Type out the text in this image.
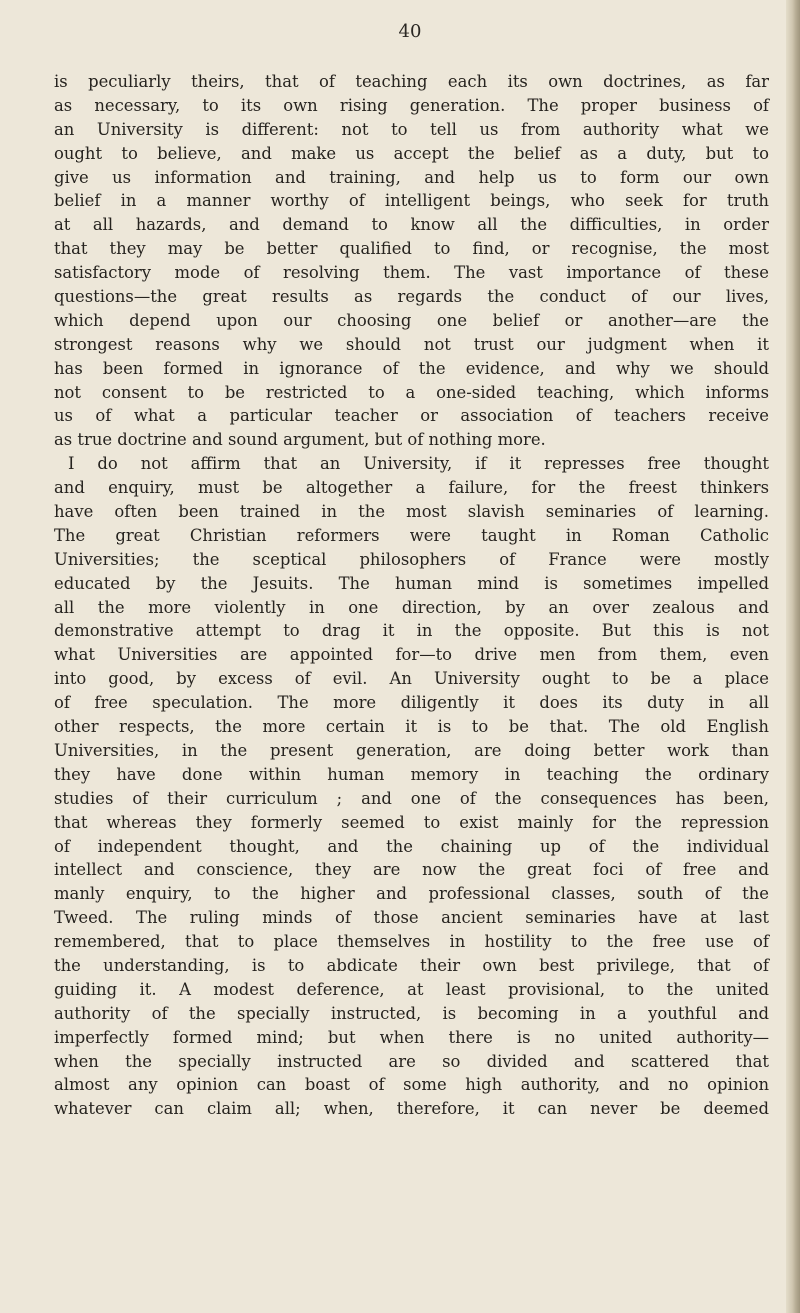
40
is peculiarly theirs, that of teaching each its own doctrines, as far
as necessary, to its own rising generation. The proper business of
an University is different: not to tell us from authority what we
ought to believe, and make us accept the belief as a duty, but to
give us information and training, and help us to form our own
belief in a manner worthy of intelligent beings, who seek for truth
at all hazards, and demand to know all the difficulties, in order
that they may be better qualified to find, or recognise, the most
satisfactory mode of resolving them. The vast importance of these
questions—the great results as regards the conduct of our lives,
which depend upon our choosing one belief or another—are the
strongest reasons why we should not trust our judgment when it
has been formed in ignorance of the evidence, and why we should
not consent to be restricted to a one-sided teaching, which informs
us of what a particular teacher or association of teachers receive
as true doctrine and sound argument, but of nothing more.
I do not affirm that an University, if it represses free thought
and enquiry, must be altogether a failure, for the freest thinkers
have often been trained in the most slavish seminaries of learning.
The great Christian reformers were taught in Roman Catholic
Universities; the sceptical philosophers of France were mostly
educated by the Jesuits. The human mind is sometimes impelled
all the more violently in one direction, by an over zealous and
demonstrative attempt to drag it in the opposite. But this is not
what Universities are appointed for—to drive men from them, even
into good, by excess of evil. An University ought to be a place
of free speculation. The more diligently it does its duty in all
other respects, the more certain it is to be that. The old English
Universities, in the present generation, are doing better work than
they have done within human memory in teaching the ordinary
studies of their curriculum ; and one of the consequences has been,
that whereas they formerly seemed to exist mainly for the repression
of independent thought, and the chaining up of the individual
intellect and conscience, they are now the great foci of free and
manly enquiry, to the higher and professional classes, south of the
Tweed. The ruling minds of those ancient seminaries have at last
remembered, that to place themselves in hostility to the free use of
the understanding, is to abdicate their own best privilege, that of
guiding it. A modest deference, at least provisional, to the united
authority of the specially instructed, is becoming in a youthful and
imperfectly formed mind; but when there is no united authority—
when the specially instructed are so divided and scattered that
almost any opinion can boast of some high authority, and no opinion
whatever can claim all; when, therefore, it can never be deemed
